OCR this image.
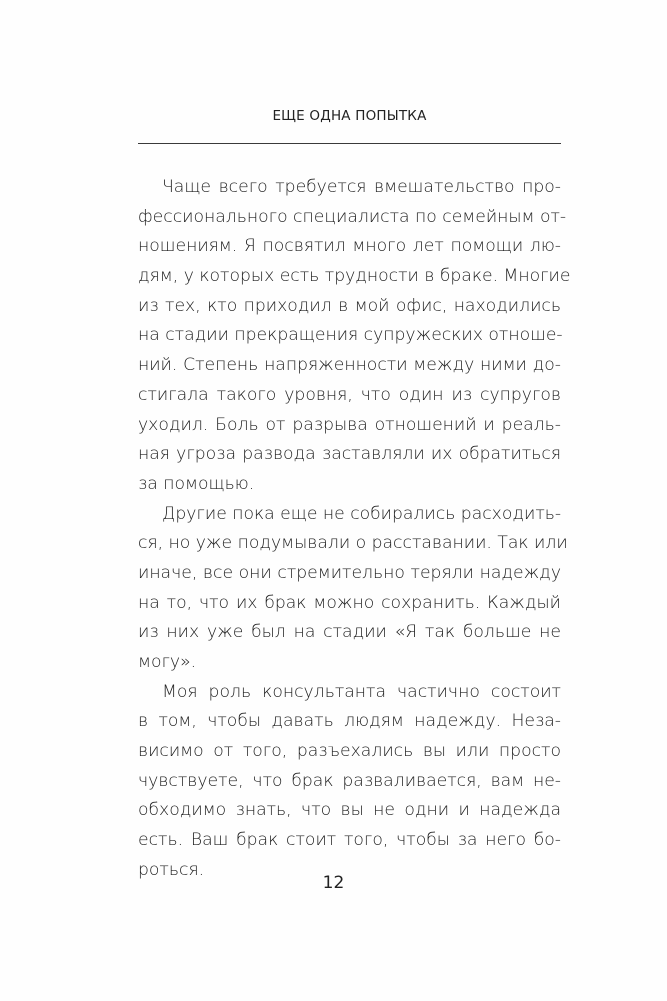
ЕЩЕ ОДНА ПОПЫТКА
Чаще всего требуется вмешательство про-
фессионального специалиста по семейным от-
ношениям. Я посвятил много лет помощи лю-
дям, у которых есть трудности в браке. Многие
из тех, кто приходил в мой офис, находились
на стадии прекращения супружеских отноше-
ний. Степень напряженности между ними до-
стигала такого уровня, что один из супругов
уходил. Боль от разрыва отношений и реаль-
ная угроза развода заставляли их обратиться
за помощью.
Другие пока еще не собирались расходить-
ся, но уже подумывали о расставании. Так или
иначе, все они стремительно теряли надежду
на то, что их брак можно сохранить. Каждый
из них уже был на стадии «Я так больше не
могу».
Моя роль консультанта частично состоит
в том, чтобы давать людям надежду. Неза-
висимо от того, разъехались вы или просто
чувствуете, что брак разваливается, вам не-
обходимо знать, что вы не одни и надежда
есть. Ваш брак стоит того, чтобы за него бо-
роться.
12
